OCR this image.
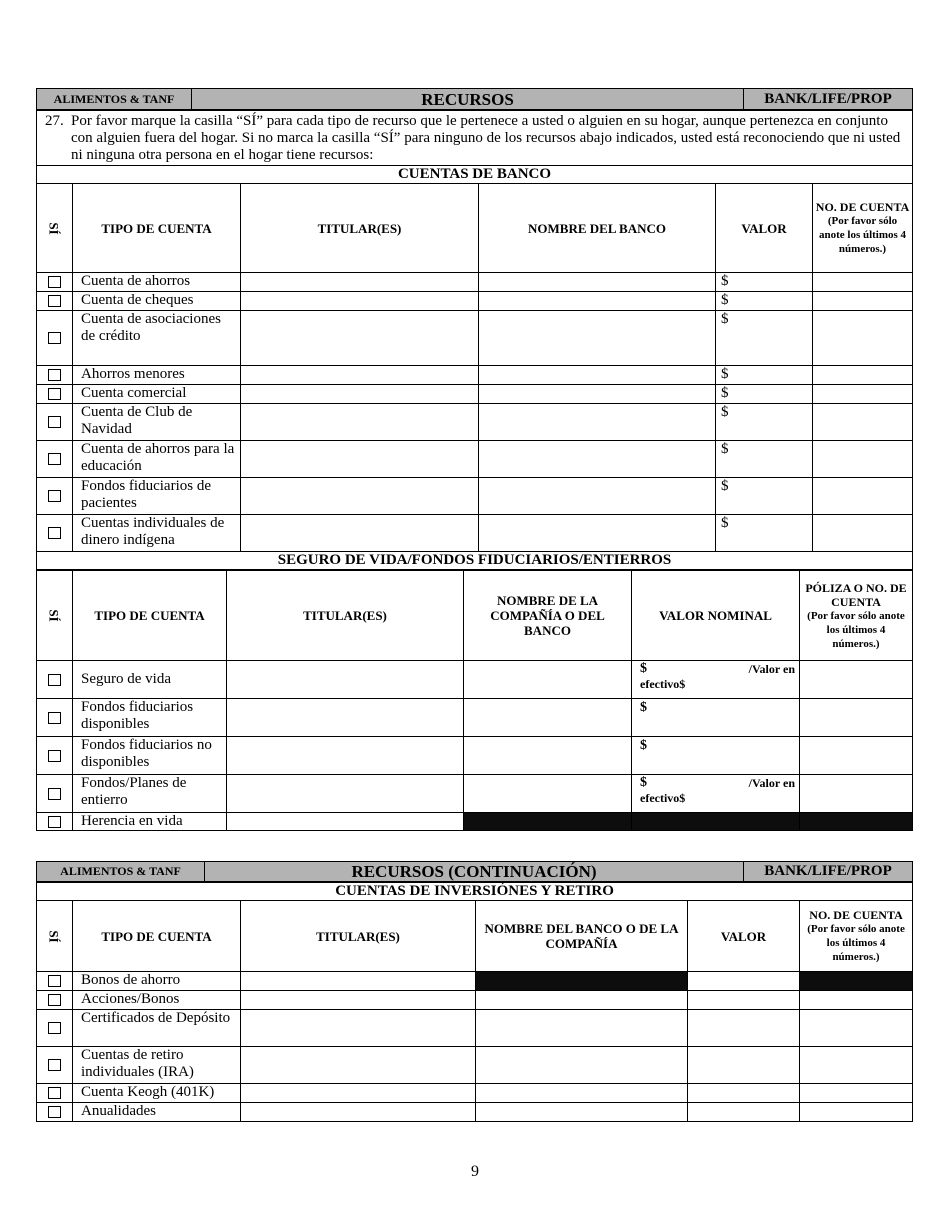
ALIMENTOS & TANF	RECURSOS	BANK/LIFE/PROP
27. Por favor marque la casilla “SÍ” para cada tipo de recurso que le pertenece a usted o alguien en su hogar, aunque pertenezca en conjunto con alguien fuera del hogar. Si no marca la casilla “SÍ” para ninguno de los recursos abajo indicados, usted está reconociendo que ni usted ni ninguna otra persona en el hogar tiene recursos:					

CUENTAS DE BANCO					
SÍ	TIPO DE CUENTA	TITULAR(ES)	NOMBRE DEL BANCO	VALOR	NO. DE CUENTA
(Por favor sólo anote los últimos 4 números.)

	Cuenta de ahorros			$	
	Cuenta de cheques			$	
	Cuenta de asociaciones de crédito			$	
	Ahorros menores			$	
	Cuenta comercial			$	
	Cuenta de Club de Navidad			$	
	Cuenta de ahorros para la educación			$	
	Fondos fiduciarios de pacientes			$	
	Cuentas individuales de dinero indígena			$	
SEGURO DE VIDA/FONDOS FIDUCIARIOS/ENTIERROS					
SÍ	TIPO DE CUENTA	TITULAR(ES)	NOMBRE DE LA COMPAÑÍA O DEL BANCO	VALOR NOMINAL	PÓLIZA O NO. DE CUENTA
(Por favor sólo anote los últimos 4 números.)

	Seguro de vida			$ /Valor en
efectivo$	

	Fondos fiduciarios disponibles			$	
	Fondos fiduciarios no disponibles			$	
	Fondos/Planes de entierro			$ /Valor en
efectivo$	

	Herencia en vida				
ALIMENTOS & TANF	RECURSOS (CONTINUACIÓN)	BANK/LIFE/PROP
CUENTAS DE INVERSIÓNES Y RETIRO					
SÍ	TIPO DE CUENTA	TITULAR(ES)	NOMBRE DEL BANCO O DE LA COMPAÑÍA	VALOR	NO. DE CUENTA
(Por favor sólo anote los últimos 4 números.)

	Bonos de ahorro				
	Acciones/Bonos				
	Certificados de Depósito				
	Cuentas de retiro individuales (IRA)				
	Cuenta Keogh (401K)				
	Anualidades				
9
